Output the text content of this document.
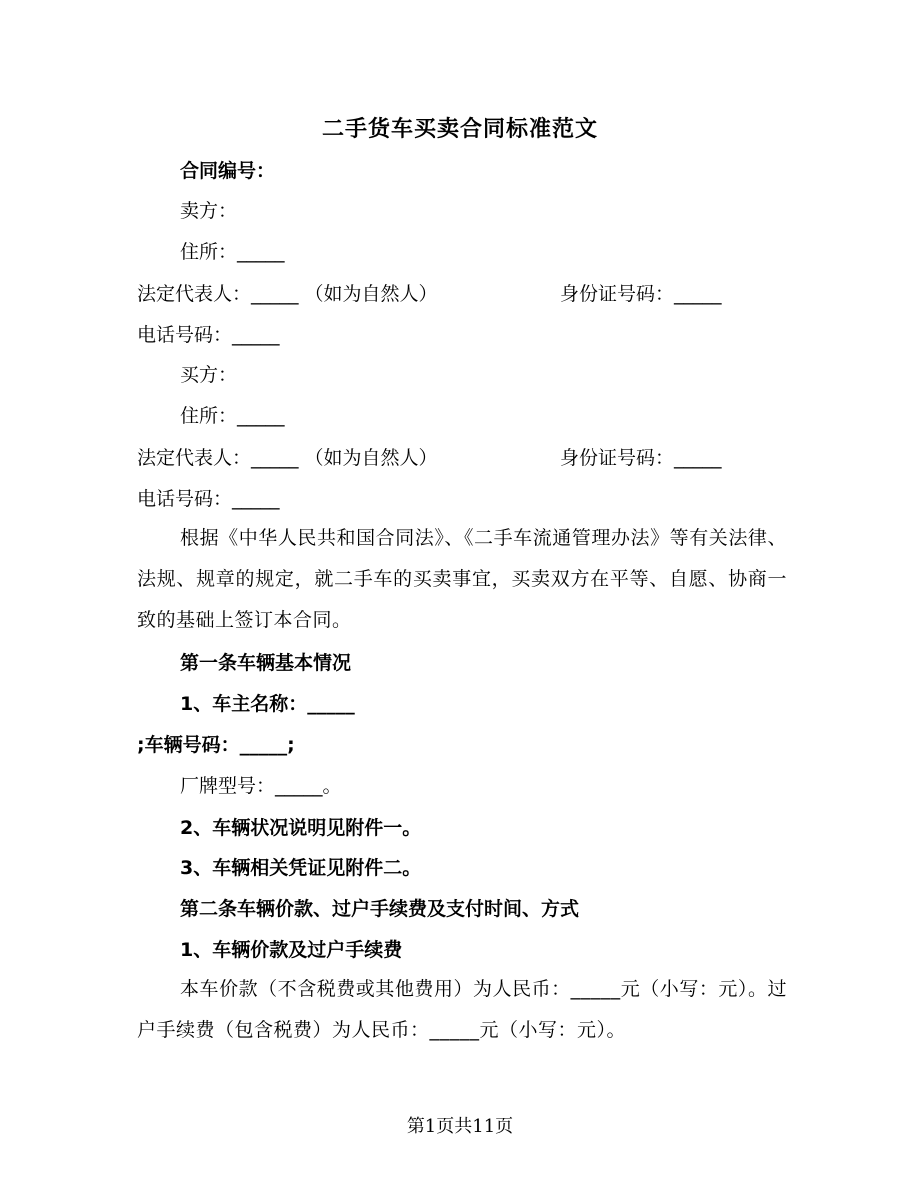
二手货车买卖合同标准范文
合同编号：
卖方：
住所：_____
法定代表人：_____ （如为自然人）	身份证号码：_____
电话号码：_____
买方：
住所：_____
法定代表人：_____ （如为自然人）	身份证号码：_____
电话号码：_____
根据《中华人民共和国合同法》、《二手车流通管理办法》等有关法律、法规、规章的规定，就二手车的买卖事宜，买卖双方在平等、自愿、协商一致的基础上签订本合同。
第一条车辆基本情况
1、车主名称：_____
;车辆号码：_____;
厂牌型号：_____。
2、车辆状况说明见附件一。
3、车辆相关凭证见附件二。
第二条车辆价款、过户手续费及支付时间、方式
1、车辆价款及过户手续费
本车价款（不含税费或其他费用）为人民币：_____元（小写：元）。过户手续费（包含税费）为人民币：_____元（小写：元）。
第1页共11页
